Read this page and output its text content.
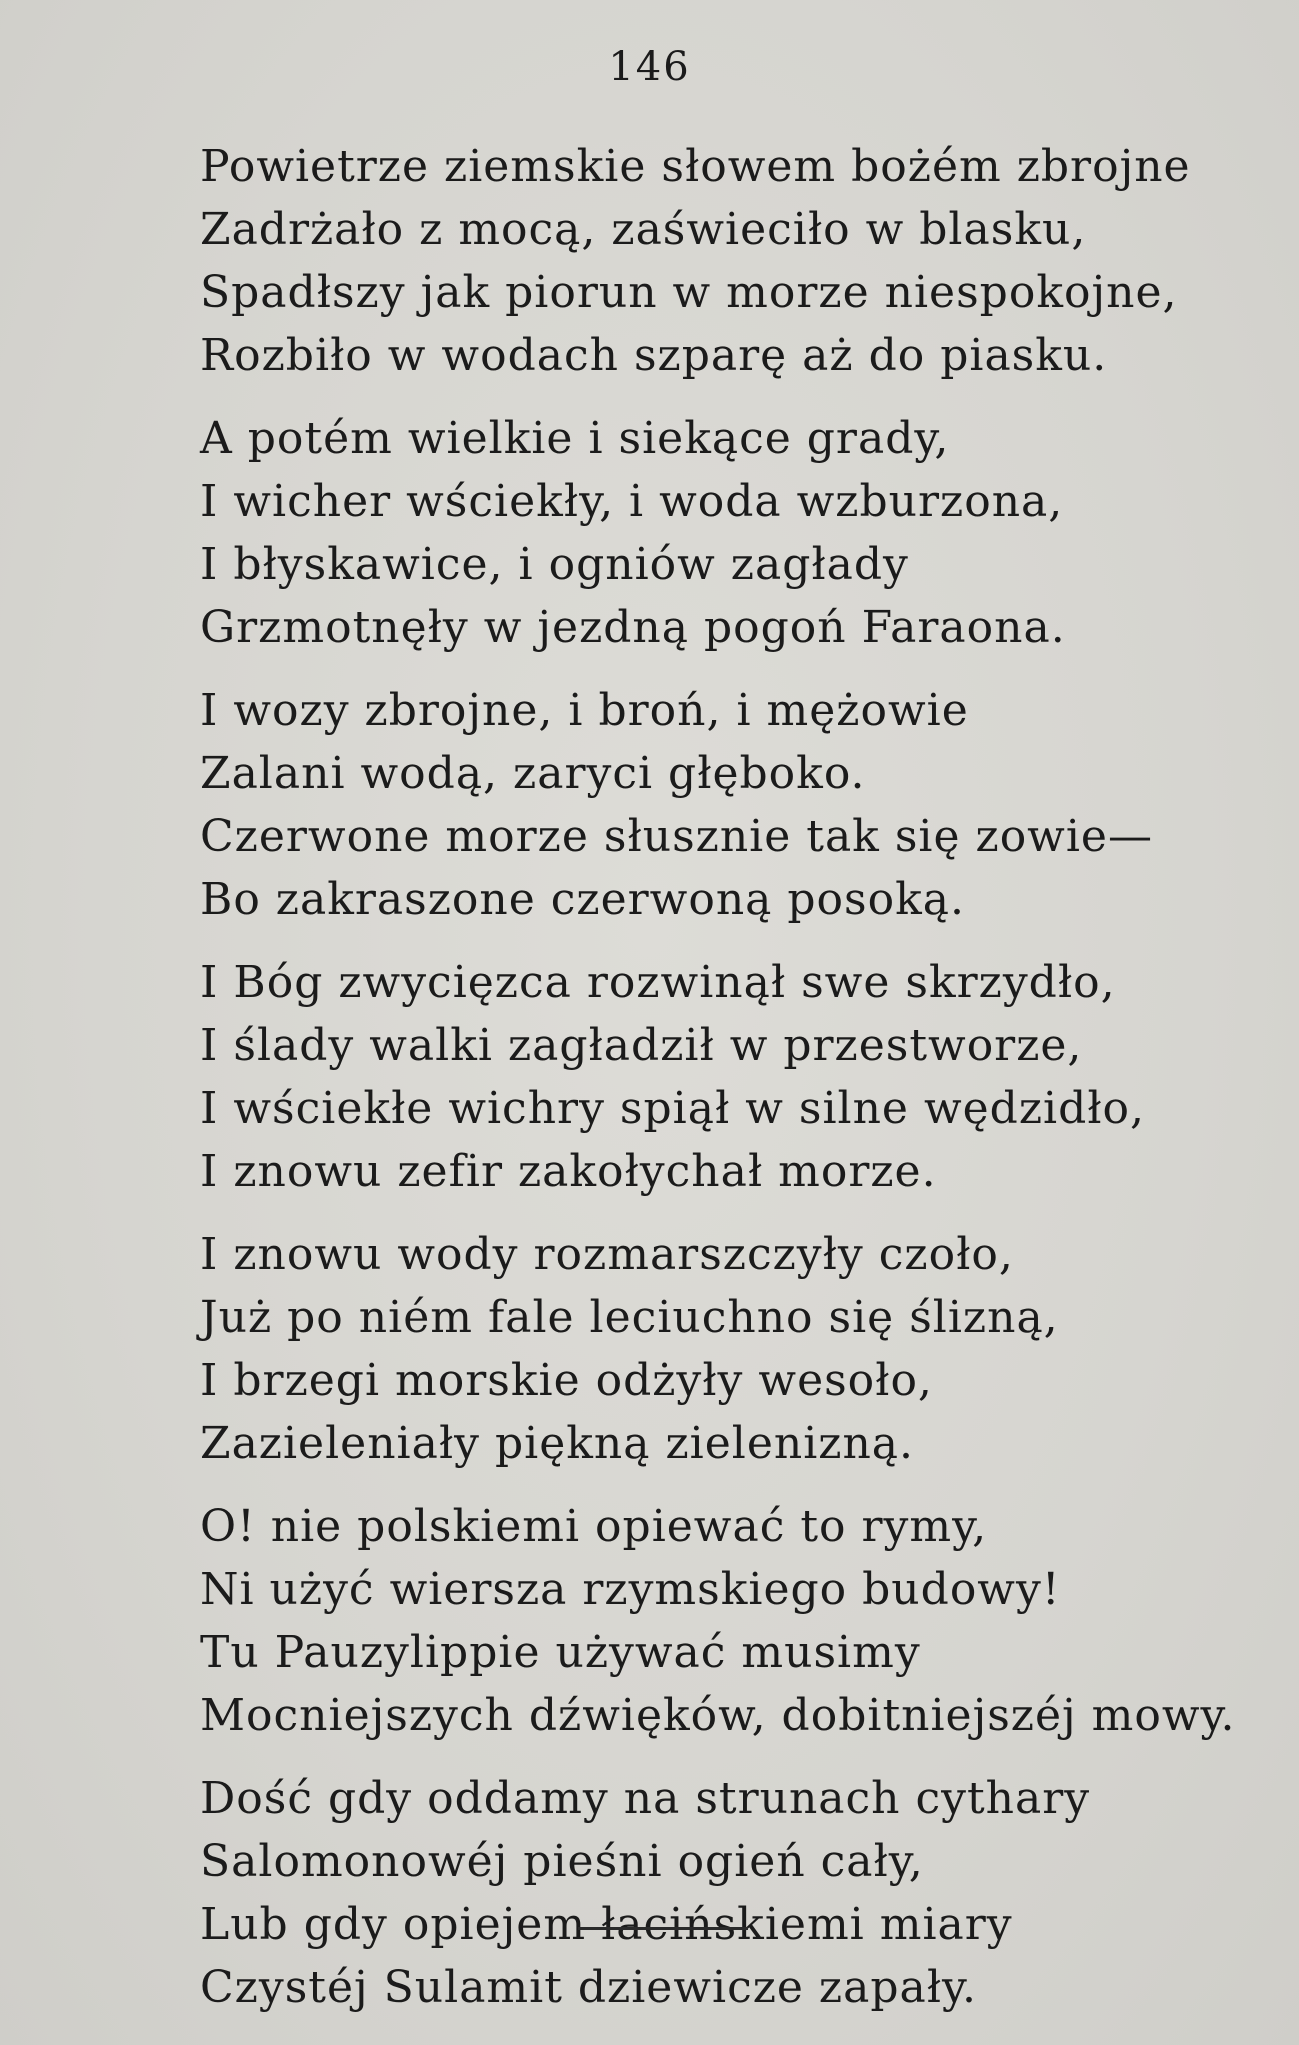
146
Powietrze ziemskie słowem bożém zbrojne
Zadrżało z mocą, zaświeciło w blasku,
Spadłszy jak piorun w morze niespokojne,
Rozbiło w wodach szparę aż do piasku.
A potém wielkie i siekące grady,
I wicher wściekły, i woda wzburzona,
I błyskawice, i ogniów zagłady
Grzmotnęły w jezdną pogoń Faraona.
I wozy zbrojne, i broń, i mężowie
Zalani wodą, zaryci głęboko.
Czerwone morze słusznie tak się zowie—
Bo zakraszone czerwoną posoką.
I Bóg zwycięzca rozwinął swe skrzydło,
I ślady walki zagładził w przestworze,
I wściekłe wichry spiął w silne wędzidło,
I znowu zefir zakołychał morze.
I znowu wody rozmarszczyły czoło,
Już po niém fale leciuchno się ślizną,
I brzegi morskie odżyły wesoło,
Zazieleniały piękną zielenizną.
O! nie polskiemi opiewać to rymy,
Ni użyć wiersza rzymskiego budowy!
Tu Pauzylippie używać musimy
Mocniejszych dźwięków, dobitniejszéj mowy.
Dość gdy oddamy na strunach cythary
Salomonowéj pieśni ogień cały,
Lub gdy opiejem łacińskiemi miary
Czystéj Sulamit dziewicze zapały.
